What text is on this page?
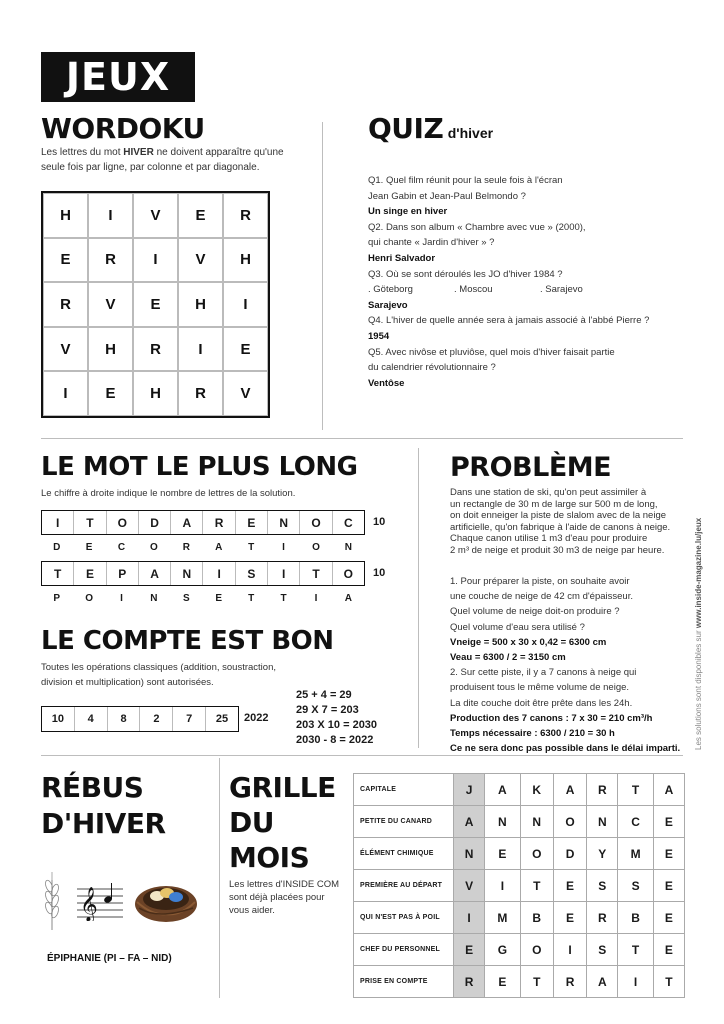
JEUX
WORDOKU
Les lettres du mot HIVER ne doivent apparaître qu'une seule fois par ligne, par colonne et par diagonale.
H	I	V	E	R
E	R	I	V	H
R	V	E	H	I
V	H	R	I	E
I	E	H	R	V
QUIZ d'hiver
Q1. Quel film réunit pour la seule fois à l'écran
Jean Gabin et Jean-Paul Belmondo ?
Un singe en hiver
Q2. Dans son album « Chambre avec vue » (2000),
qui chante « Jardin d'hiver » ?
Henri Salvador
Q3. Où se sont déroulés les JO d'hiver 1984 ?
. Göteborg	. Moscou	. Sarajevo
Sarajevo
Q4. L'hiver de quelle année sera à jamais associé à l'abbé Pierre ?
1954
Q5. Avec nivôse et pluviôse, quel mois d'hiver faisait partie
du calendrier révolutionnaire ?
Ventôse
LE MOT LE PLUS LONG
Le chiffre à droite indique le nombre de lettres de la solution.
I	T	O	D	A	R	E	N	O	C	10
D	E	C	O	R	A	T	I	O	N
T	E	P	A	N	I	S	I	T	O	10
P	O	I	N	S	E	T	T	I	A
LE COMPTE EST BON
Toutes les opérations classiques (addition, soustraction,
division et multiplication) sont autorisées.
10	4	8	2	7	25	2022
25 + 4 = 29
29 X 7 = 203
203 X 10 = 2030
2030 - 8 = 2022
PROBLÈME
Dans une station de ski, qu'on peut assimiler à
un rectangle de 30 m de large sur 500 m de long,
on doit enneiger la piste de slalom avec de la neige
artificielle, qu'on fabrique à l'aide de canons à neige.
Chaque canon utilise 1 m3 d'eau pour produire
2 m³ de neige et produit 30 m3 de neige par heure.
1. Pour préparer la piste, on souhaite avoir
une couche de neige de 42 cm d'épaisseur.
Quel volume de neige doit-on produire ?
Quel volume d'eau sera utilisé ?
Vneige = 500 x 30 x 0,42 = 6300 cm
Veau = 6300 / 2 = 3150 cm
2. Sur cette piste, il y a 7 canons à neige qui
produisent tous le même volume de neige.
La dite couche doit être prête dans les 24h.
Production des 7 canons : 7 x 30 = 210 cm³/h
Temps nécessaire : 6300 / 210 = 30 h
Ce ne sera donc pas possible dans le délai imparti.	Les solutions sont disponibles sur www.inside-magazine.lu/jeux
RÉBUS
D'HIVER
𝄞
ÉPIPHANIE (PI – FA – NID)
GRILLE
DU
MOIS
Les lettres d'INSIDE COM
sont déjà placées pour
vous aider.
CAPITALE	J	A	K	A	R	T	A
PETITE DU CANARD	A	N	N	O	N	C	E
ÉLÉMENT CHIMIQUE	N	E	O	D	Y	M	E
PREMIÈRE AU DÉPART	V	I	T	E	S	S	E
QUI N'EST PAS À POIL	I	M	B	E	R	B	E
CHEF DU PERSONNEL	E	G	O	I	S	T	E
PRISE EN COMPTE	R	E	T	R	A	I	T
